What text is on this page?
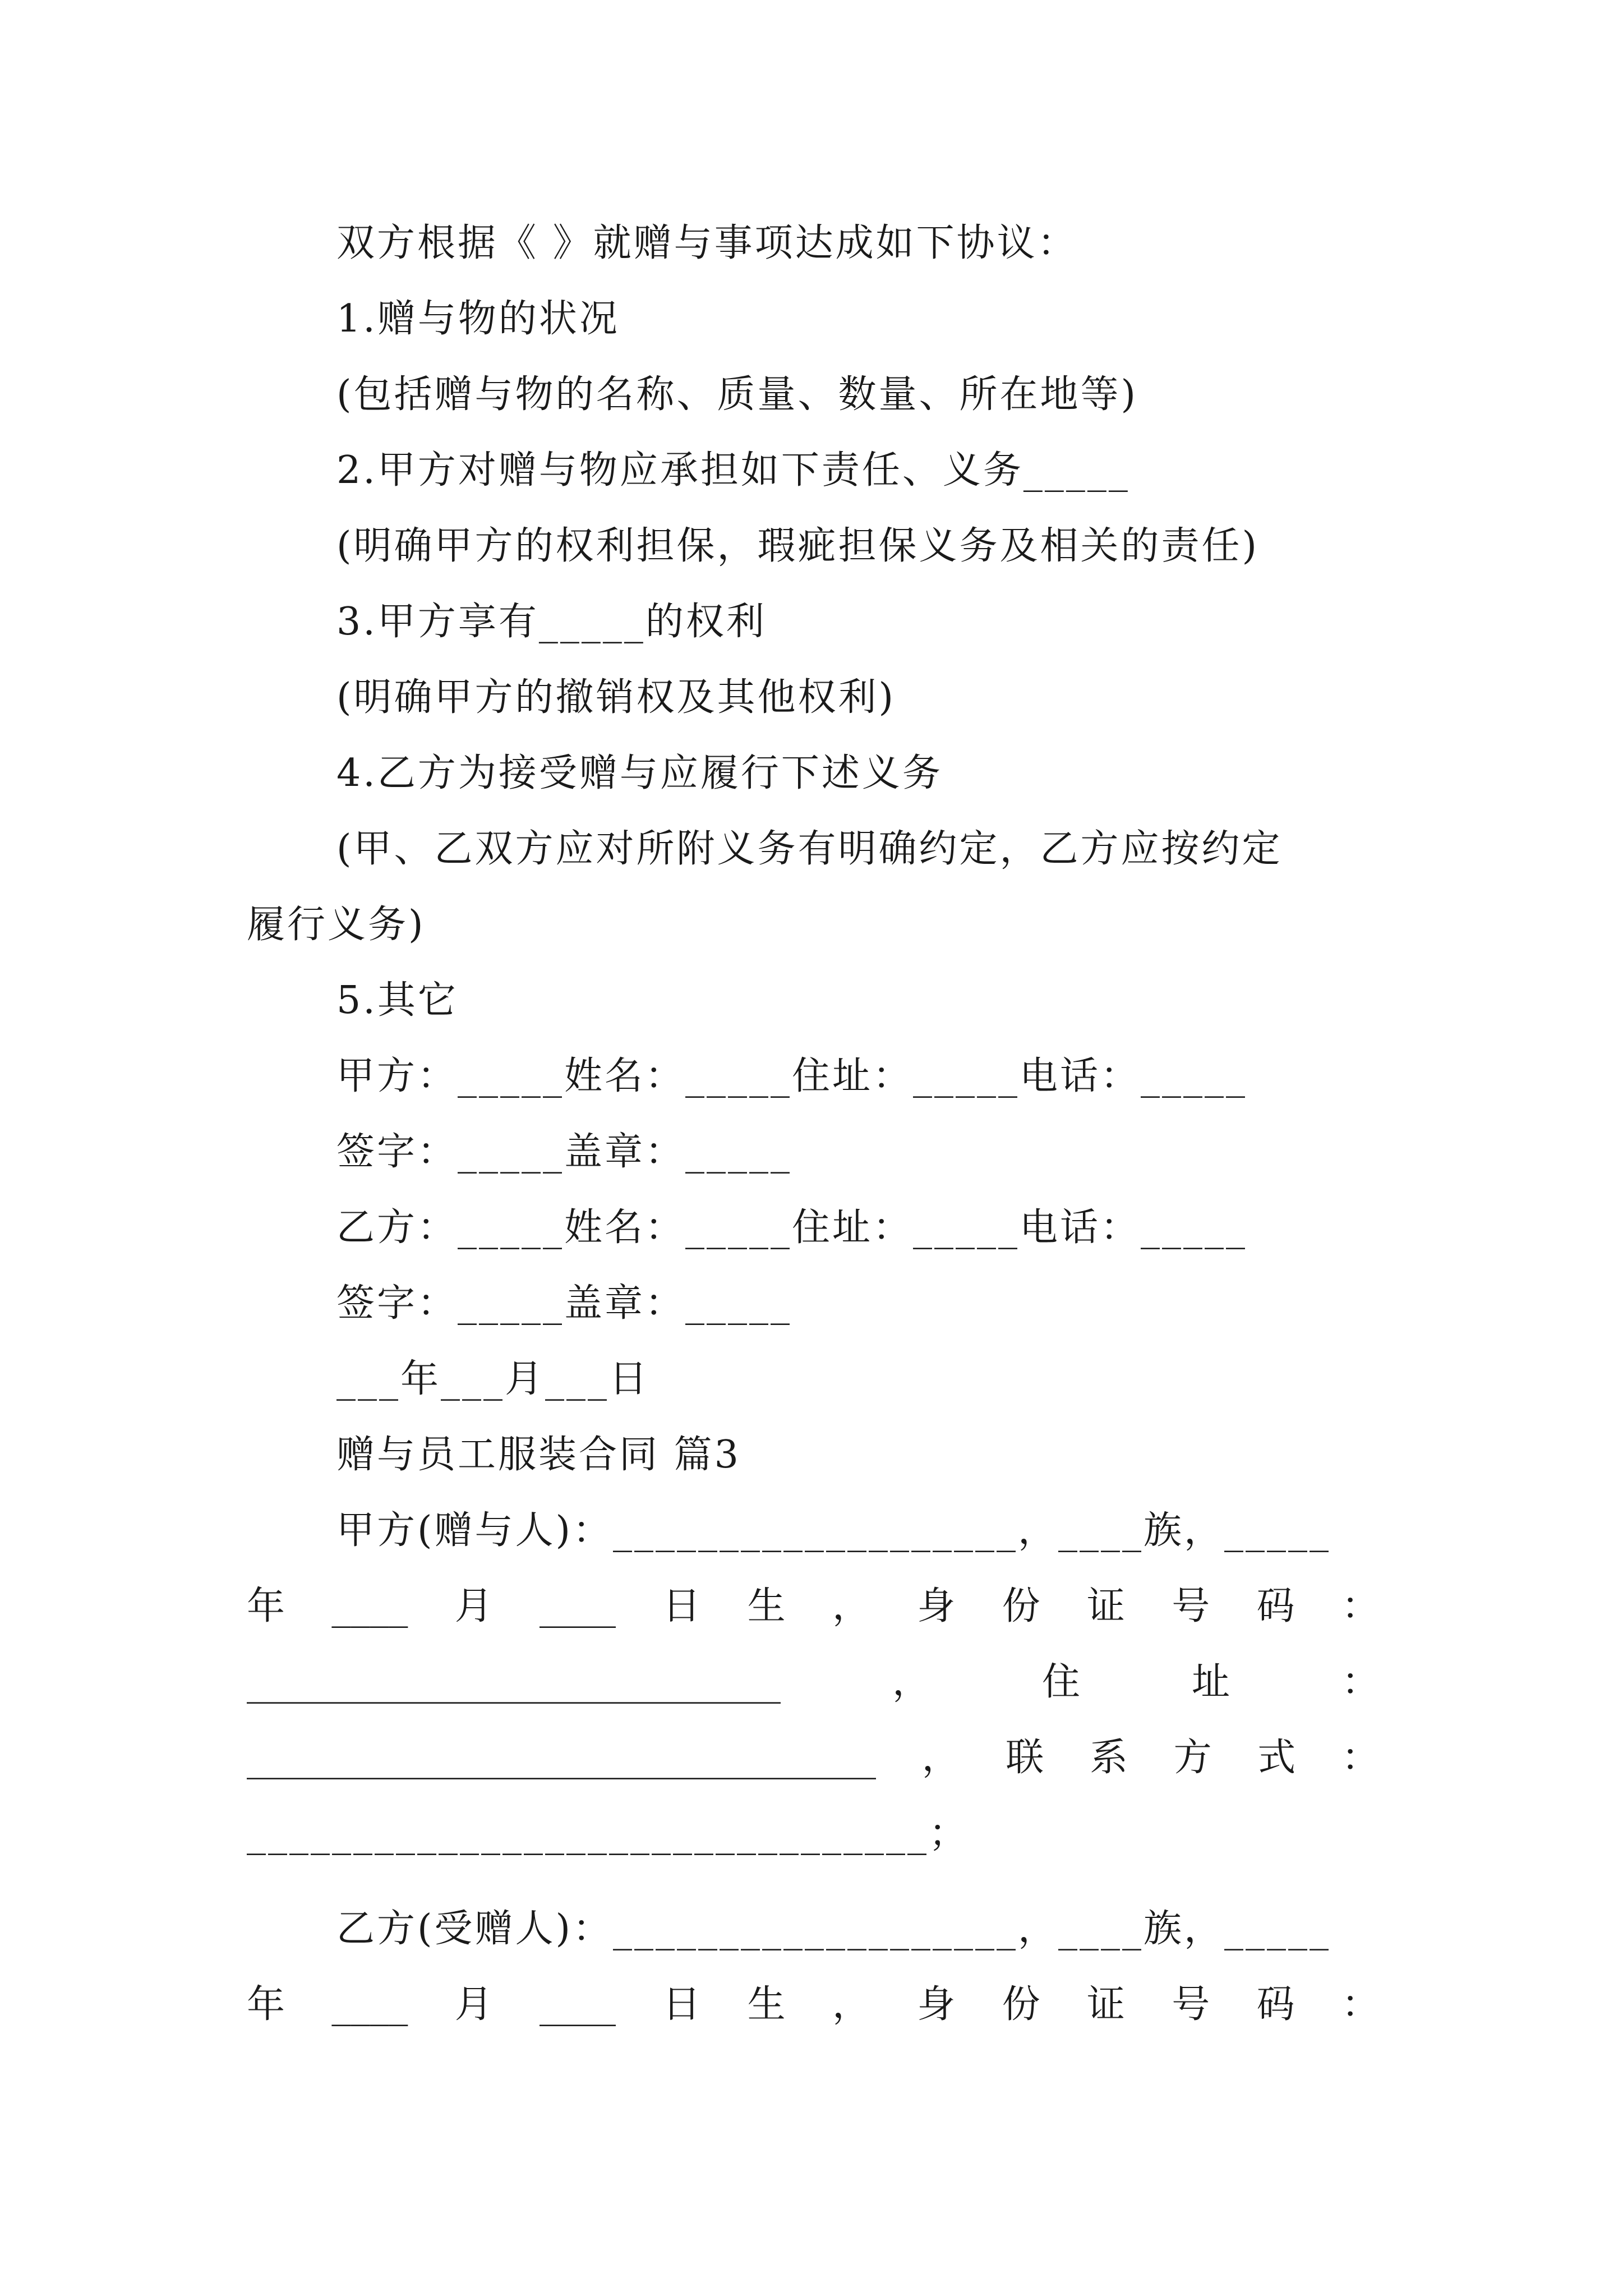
双方根据《 》就赠与事项达成如下协议：
1.赠与物的状况
(包括赠与物的名称、质量、数量、所在地等)
2.甲方对赠与物应承担如下责任、义务_____
(明确甲方的权利担保，瑕疵担保义务及相关的责任)
3.甲方享有_____的权利
(明确甲方的撤销权及其他权利)
4.乙方为接受赠与应履行下述义务
(甲、乙双方应对所附义务有明确约定，乙方应按约定
履行义务)
5.其它
甲方：_____姓名：_____住址：_____电话：_____
签字：_____盖章：_____
乙方：_____姓名：_____住址：_____电话：_____
签字：_____盖章：_____
___年___月___日
赠与员工服装合同 篇3
甲方(赠与人)：___________________，____族，_____
年 ____ 月 ____ 日 生 ， 身 份 证 号 码 ：
____________________________	，	住	址	：
_________________________________ ， 联 系 方 式 ：
________________________________；
乙方(受赠人)：___________________，____族，_____
年 ____ 月 ____ 日 生 ， 身 份 证 号 码 ：
